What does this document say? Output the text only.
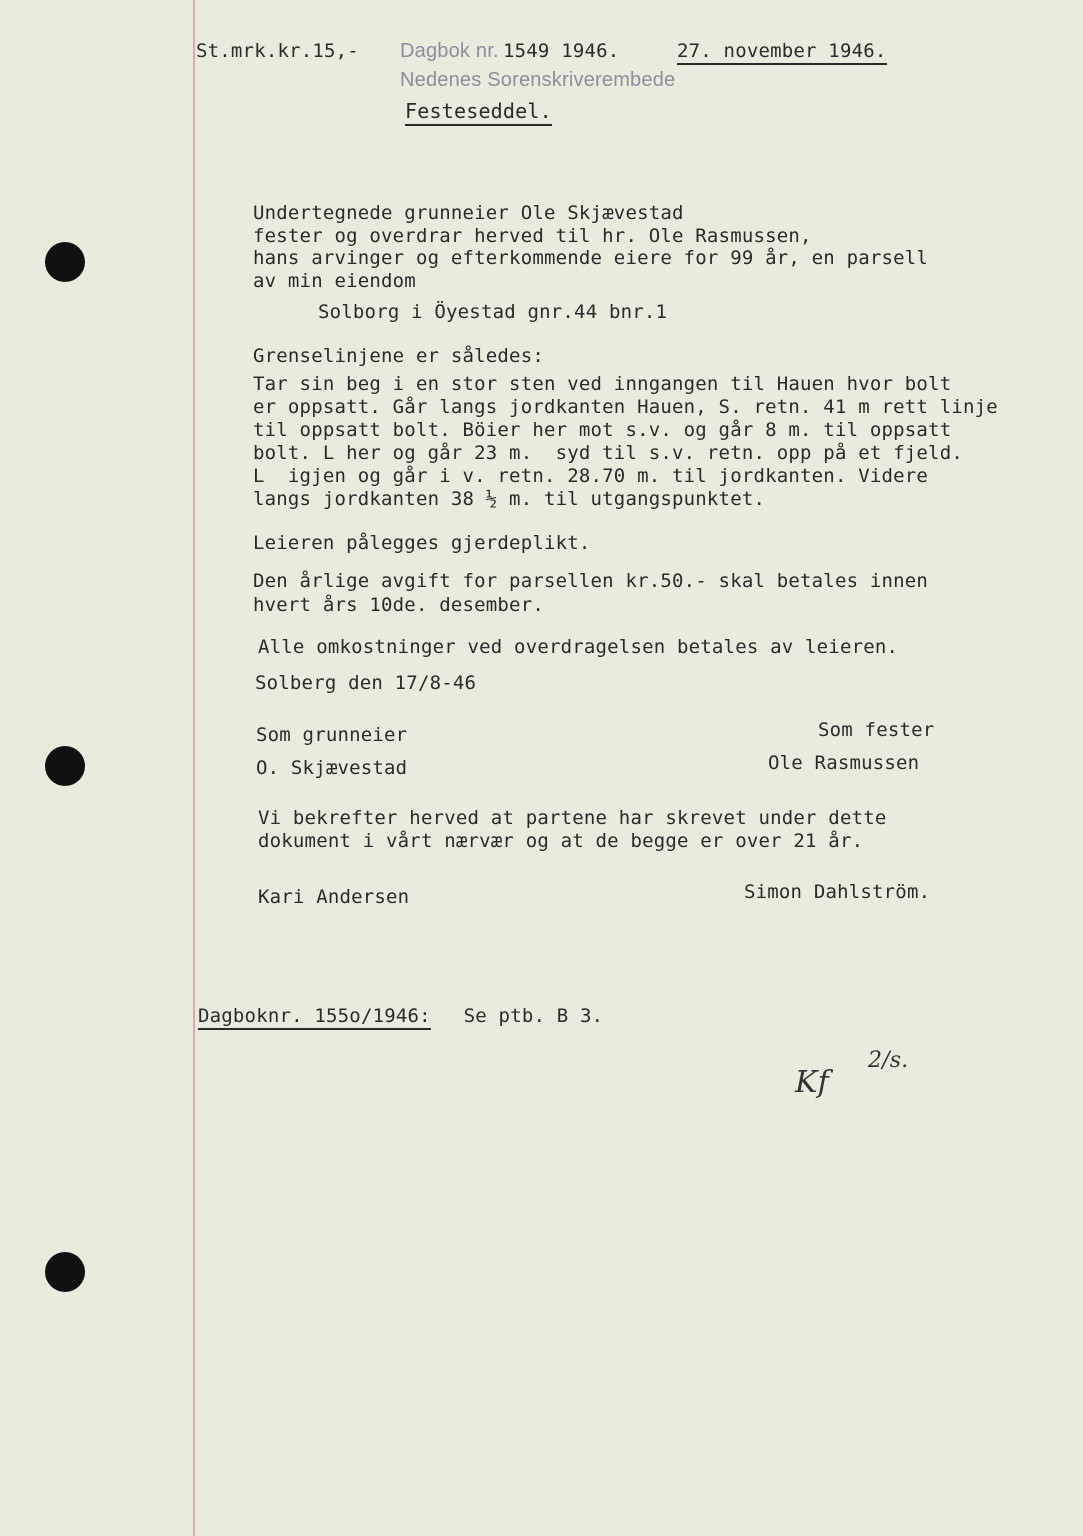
St.mrk.kr.15,- Dagbok nr. 1549 1946.	27. november 1946.
Nedenes Sorenskriverembede
Festeseddel.
Undertegnede grunneier Ole Skjævestad
fester og overdrar herved til hr. Ole Rasmussen,
hans arvinger og efterkommende eiere for 99 år, en parsell
av min eiendom
Solborg i Öyestad gnr.44 bnr.1
Grenselinjene er således:
Tar sin beg i en stor sten ved inngangen til Hauen hvor bolt
er oppsatt. Går langs jordkanten Hauen, S. retn. 41 m rett linje
til oppsatt bolt. Böier her mot s.v. og går 8 m. til oppsatt
bolt. L her og går 23 m.  syd til s.v. retn. opp på et fjeld.
L  igjen og går i v. retn. 28.70 m. til jordkanten. Videre
langs jordkanten 38 ½ m. til utgangspunktet.
Leieren pålegges gjerdeplikt.
Den årlige avgift for parsellen kr.50.- skal betales innen
hvert års 10de. desember.
Alle omkostninger ved overdragelsen betales av leieren.
Solberg den 17/8-46
Som grunneier	Som fester
O. Skjævestad	Ole Rasmussen
Vi bekrefter herved at partene har skrevet under dette
dokument i vårt nærvær og at de begge er over 21 år.
Kari Andersen	Simon Dahlström.
Dagboknr. 155o/1946: Se ptb. B 3.
Kf
2/s.
